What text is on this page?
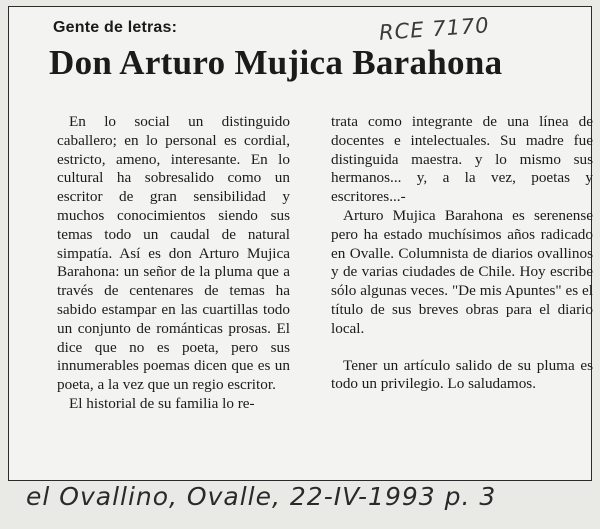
Gente de letras:
Don Arturo Mujica Barahona
RCE 7170

En lo social un distinguido caballero; en lo personal es cordial, estricto, ameno, interesante. En lo cultural ha sobresalido como un escritor de gran sensibilidad y muchos conocimientos siendo sus temas todo un caudal de natural simpatía. Así es don Arturo Mujica Barahona: un señor de la pluma que a través de centenares de temas ha sabido estampar en las cuartillas todo un conjunto de románticas prosas. El dice que no es poeta, pero sus innumerables poemas dicen que es un poeta, a la vez que un regio escritor.

El historial de su familia lo re-

trata como integrante de una línea de docentes e intelectuales. Su madre fue distinguida maestra. y lo mismo sus hermanos... y, a la vez, poetas y escritores...-

Arturo Mujica Barahona es serenense pero ha estado muchísimos años radicado en Ovalle. Columnista de diarios ovallinos y de varias ciudades de Chile. Hoy escribe sólo algunas veces. "De mis Apuntes" es el título de sus breves obras para el diario local.

Tener un artículo salido de su pluma es todo un privilegio. Lo saludamos.

el Ovallino, Ovalle, 22-IV-1993 p. 3
